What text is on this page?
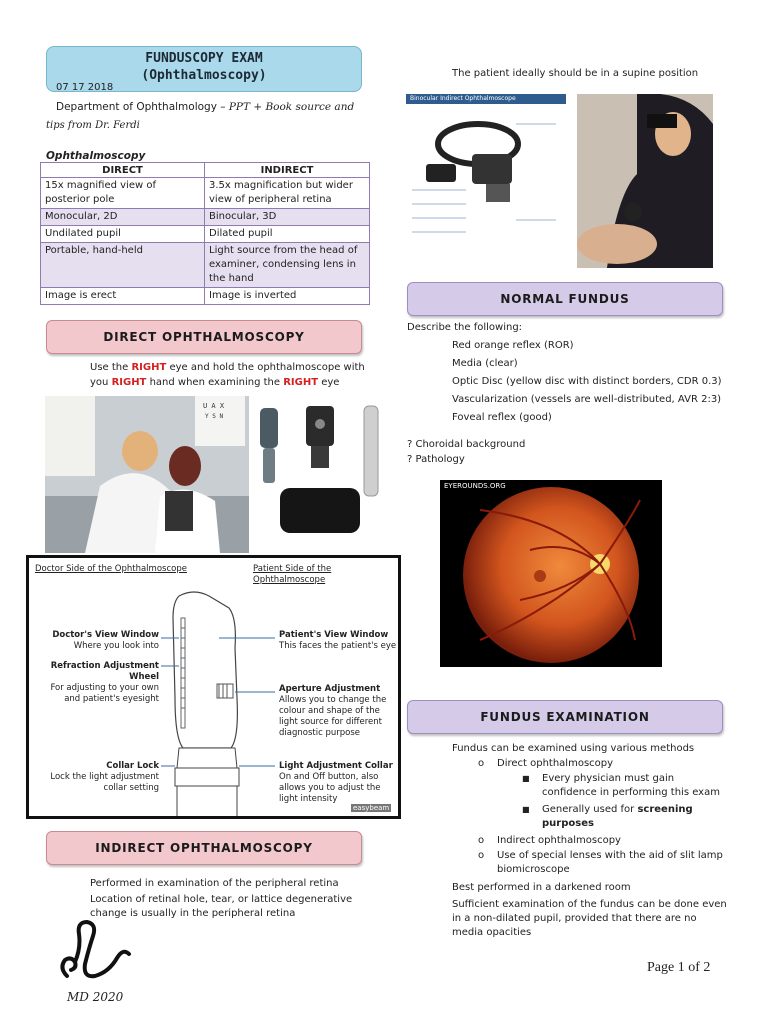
FUNDUSCOPY EXAM
(Ophthalmoscopy)
07 17 2018
Department of Ophthalmology – PPT + Book source and
tips from Dr. Ferdi
Ophthalmoscopy
DIRECT	INDIRECT
15x magnified view of posterior pole	3.5x magnification but wider view of peripheral retina
Monocular, 2D	Binocular, 3D
Undilated pupil	Dilated pupil
Portable, hand-held	Light source from the head of examiner, condensing lens in the hand
Image is erect	Image is inverted
DIRECT OPHTHALMOSCOPY
Use the RIGHT eye and hold the ophthalmoscope with
you RIGHT hand when examining the RIGHT eye
U A X
Y S N
Doctor Side of the Ophthalmoscope	Patient Side of the Ophthalmoscope
Doctor's View Window
Where you look into
Refraction Adjustment Wheel
For adjusting to your own and patient's eyesight
Collar Lock
Lock the light adjustment collar setting
Patient's View Window
This faces the patient's eye
Aperture Adjustment
Allows you to change the colour and shape of the light source for different diagnostic purpose
Light Adjustment Collar
On and Off button, also allows you to adjust the light intensity
easybeam
INDIRECT OPHTHALMOSCOPY
Performed in examination of the peripheral retina
Location of retinal hole, tear, or lattice degenerative change is usually in the peripheral retina
MD 2020
The patient ideally should be in a supine position
Binocular Indirect Ophthalmoscope
NORMAL FUNDUS
Describe the following:
Red orange reflex (ROR)
Media (clear)
Optic Disc (yellow disc with distinct borders, CDR 0.3)
Vascularization (vessels are well-distributed, AVR 2:3)
Foveal reflex (good)
? Choroidal background
? Pathology
EYEROUNDS.ORG
FUNDUS EXAMINATION
Fundus can be examined using various methods
o Direct ophthalmoscopy
■ Every physician must gain confidence in performing this exam
■ Generally used for screening purposes
o Indirect ophthalmoscopy
o Use of special lenses with the aid of slit lamp biomicroscope
Best performed in a darkened room
Sufficient examination of the fundus can be done even in a non-dilated pupil, provided that there are no media opacities
Page 1 of 2
